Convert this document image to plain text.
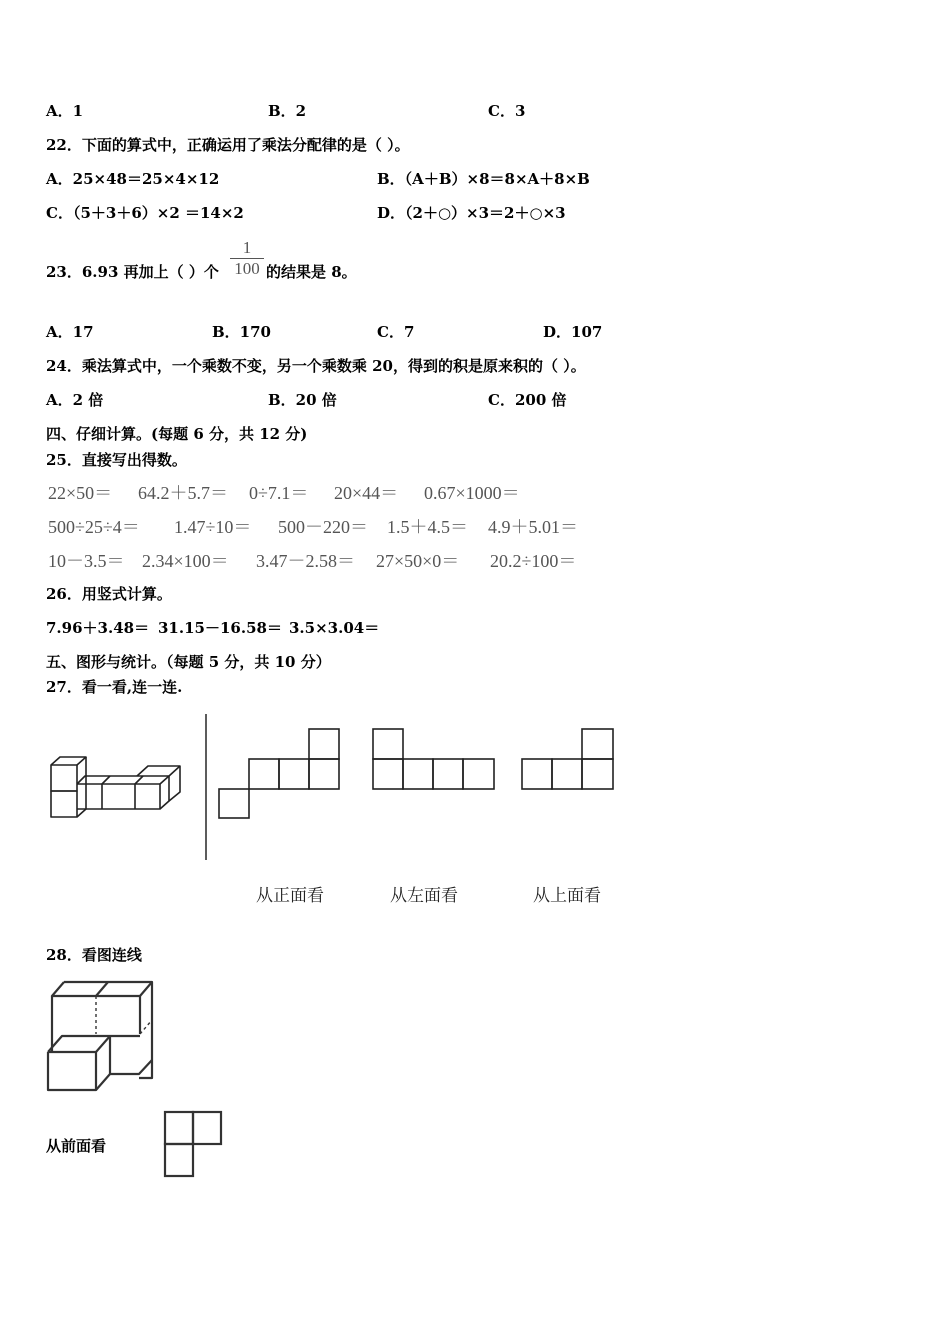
A．1	B．2	C．3
22．下面的算式中，正确运用了乘法分配律的是（ ）。
A．25×48＝25×4×12	B．（A＋B）×8＝8×A＋8×B
C．（5＋3＋6）×2 ＝14×2	D．（2＋○）×3＝2＋○×3
23．6.93 再加上（ ）个 $\frac{1}{100}$ 的结果是 8。
A．17	B．170	C．7	D．107
24．乘法算式中，一个乘数不变，另一个乘数乘 20，得到的积是原来积的（ ）。
A．2 倍	B．20 倍	C．200 倍
四、仔细计算。(每题 6 分，共 12 分)
25．直接写出得数。
22×50＝ 64.2＋5.7＝ 0÷7.1＝ 20×44＝ 0.67×1000＝
500÷25÷4＝ 1.47÷10＝ 500－220＝ 1.5＋4.5＝ 4.9＋5.01＝
10－3.5＝ 2.34×100＝ 3.47－2.58＝ 27×50×0＝ 20.2÷100＝
26．用竖式计算。
7.96＋3.48＝ 31.15－16.58＝ 3.5×3.04＝
五、图形与统计。（每题 5 分，共 10 分）
27．看一看,连一连.
从正面看	从左面看	从上面看
28．看图连线
从前面看
